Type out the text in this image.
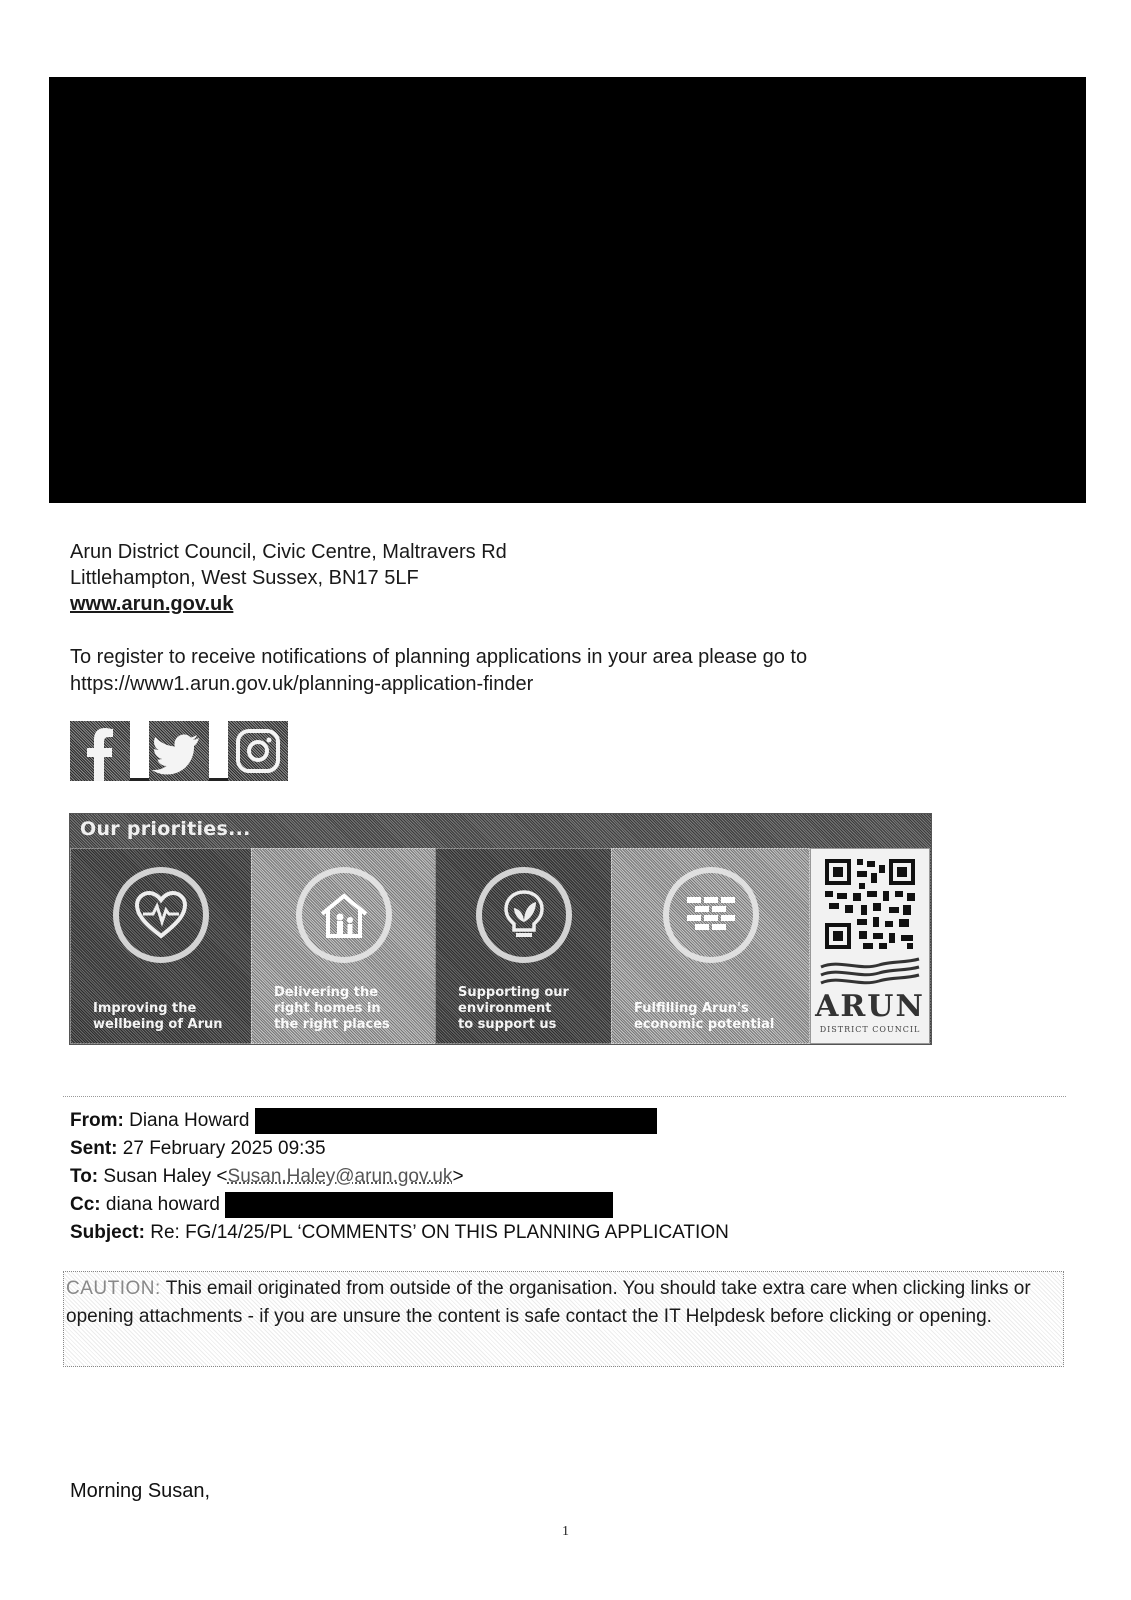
Arun District Council, Civic Centre, Maltravers Rd
Littlehampton, West Sussex, BN17 5LF
www.arun.gov.uk
To register to receive notifications of planning applications in your area please go to
https://www1.arun.gov.uk/planning-application-finder
Our priorities...
Improving the
wellbeing of Arun
Delivering the
right homes in
the right places
Supporting our
environment
to support us
Fulfilling Arun's
economic potential
ARUN
DISTRICT COUNCIL
From: Diana Howard
Sent: 27 February 2025 09:35
To: Susan Haley <Susan.Haley@arun.gov.uk>
Cc: diana howard
Subject: Re: FG/14/25/PL ‘COMMENTS’ ON THIS PLANNING APPLICATION
CAUTION: This email originated from outside of the organisation. You should take extra care when clicking links or opening attachments - if you are unsure the content is safe contact the IT Helpdesk before clicking or opening.
Morning Susan,
1
